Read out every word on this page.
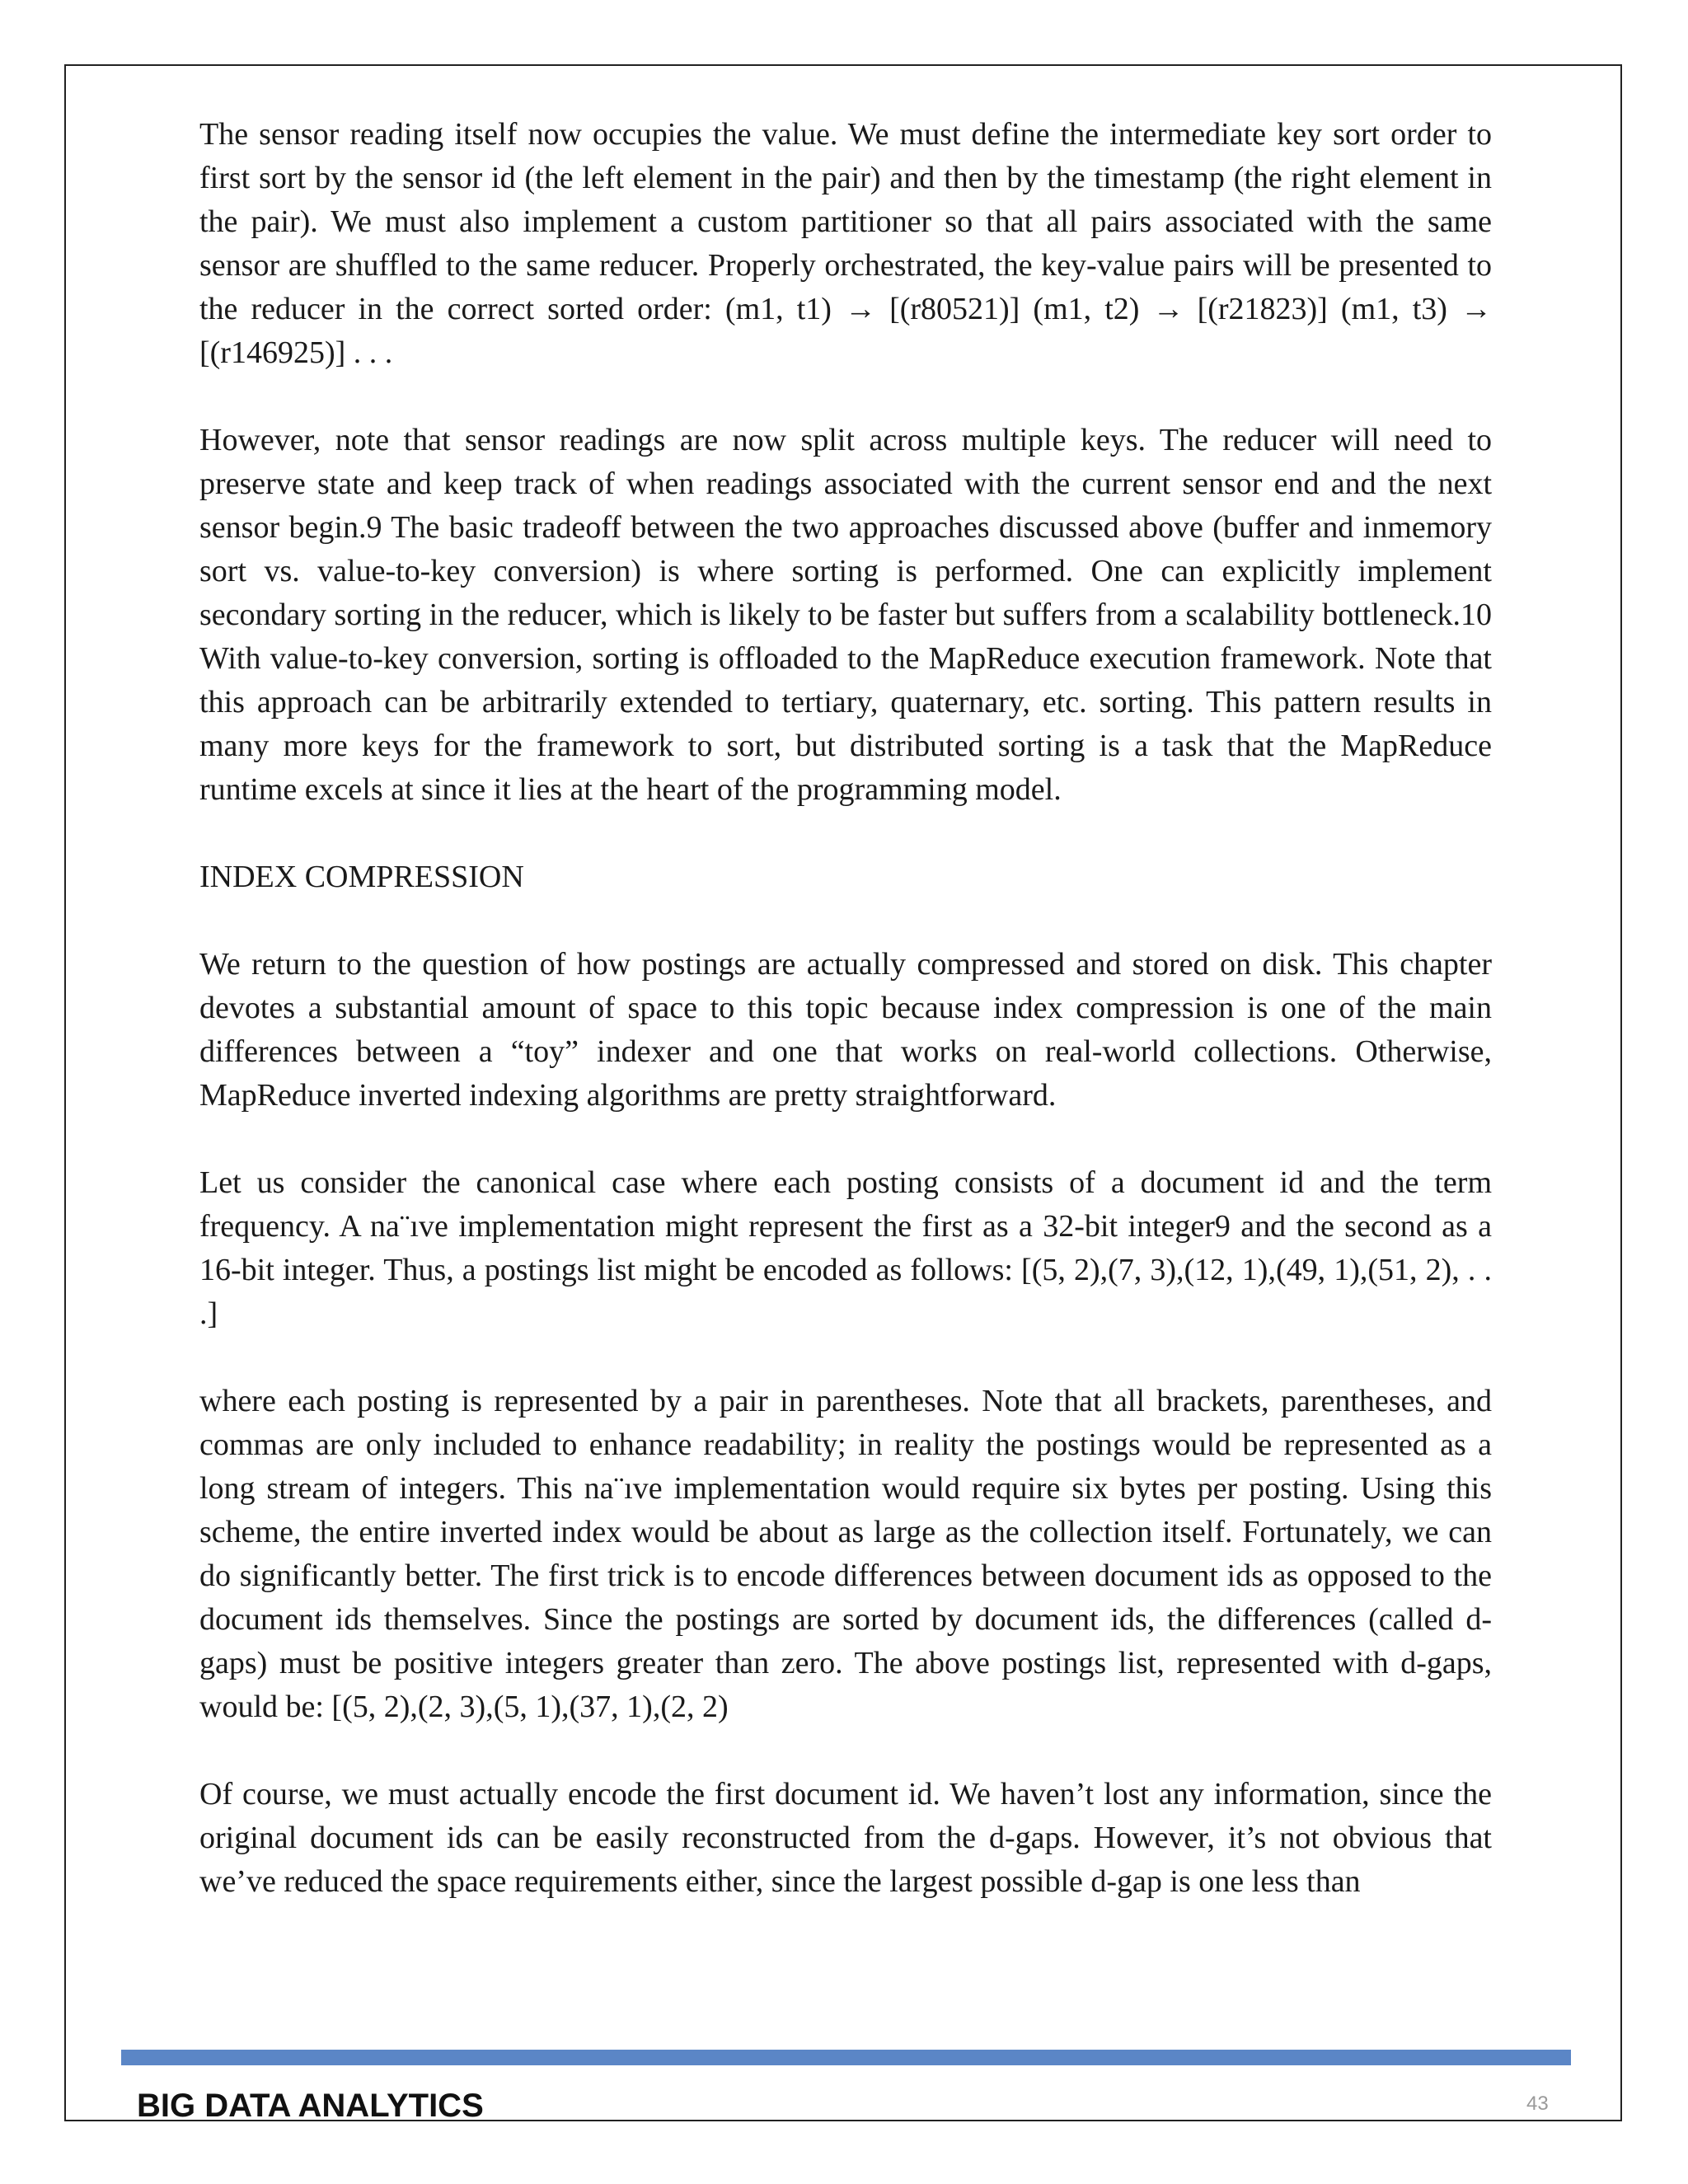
The sensor reading itself now occupies the value. We must define the intermediate key sort order to first sort by the sensor id (the left element in the pair) and then by the timestamp (the right element in the pair). We must also implement a custom partitioner so that all pairs associated with the same sensor are shuffled to the same reducer. Properly orchestrated, the key-value pairs will be presented to the reducer in the correct sorted order: (m1, t1) → [(r80521)] (m1, t2) → [(r21823)] (m1, t3) → [(r146925)] . . .

However, note that sensor readings are now split across multiple keys. The reducer will need to preserve state and keep track of when readings associated with the current sensor end and the next sensor begin.9 The basic tradeoff between the two approaches discussed above (buffer and inmemory sort vs. value-to-key conversion) is where sorting is performed. One can explicitly implement secondary sorting in the reducer, which is likely to be faster but suffers from a scalability bottleneck.10 With value-to-key conversion, sorting is offloaded to the MapReduce execution framework. Note that this approach can be arbitrarily extended to tertiary, quaternary, etc. sorting. This pattern results in many more keys for the framework to sort, but distributed sorting is a task that the MapReduce runtime excels at since it lies at the heart of the programming model.

INDEX COMPRESSION

We return to the question of how postings are actually compressed and stored on disk. This chapter devotes a substantial amount of space to this topic because index compression is one of the main differences between a “toy” indexer and one that works on real-world collections. Otherwise, MapReduce inverted indexing algorithms are pretty straightforward.

Let us consider the canonical case where each posting consists of a document id and the term frequency. A na¨ıve implementation might represent the first as a 32-bit integer9 and the second as a 16-bit integer. Thus, a postings list might be encoded as follows: [(5, 2),(7, 3),(12, 1),(49, 1),(51, 2), . . .]

where each posting is represented by a pair in parentheses. Note that all brackets, parentheses, and commas are only included to enhance readability; in reality the postings would be represented as a long stream of integers. This na¨ıve implementation would require six bytes per posting. Using this scheme, the entire inverted index would be about as large as the collection itself. Fortunately, we can do significantly better. The first trick is to encode differences between document ids as opposed to the document ids themselves. Since the postings are sorted by document ids, the differences (called d-gaps) must be positive integers greater than zero. The above postings list, represented with d-gaps, would be: [(5, 2),(2, 3),(5, 1),(37, 1),(2, 2)

Of course, we must actually encode the first document id. We haven’t lost any information, since the original document ids can be easily reconstructed from the d-gaps. However, it’s not obvious that we’ve reduced the space requirements either, since the largest possible d-gap is one less than

BIG DATA ANALYTICS	43
